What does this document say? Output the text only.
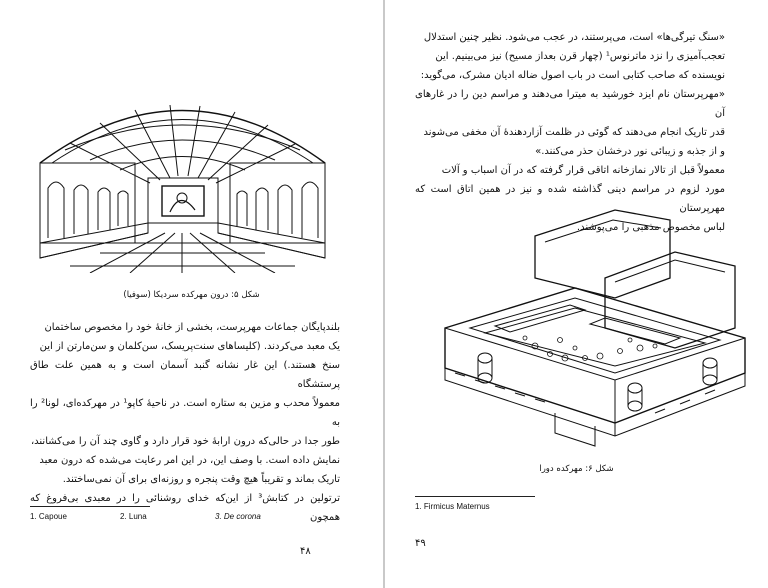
شکل ۵: درون مهرکده سردیکا (سوفیا)

بلندپایگان جماعات مهرپرست، بخشی از خانهٔ خود را مخصوص ساختمان

یک معبد می‌کردند. (کلیساهای سنت‌پریسک، سن‌کلمان و سن‌مارتن از این

سنخ هستند.) این غار نشانه گنبد آسمان است و به همین علت طاق پرستشگاه

معمولاً محدب و مزین به ستاره است. در ناحیهٔ کاپو¹ در مهرکده‌ای، لونا² را به

طور جدا در حالی‌که درون ارابهٔ خود قرار دارد و گاوی چند آن را می‌کشانند،

نمایش داده است. با وصف این، در این امر رعایت می‌شده که درون معبد

تاریک بماند و تقریباً هیچ وقت پنجره و روزنه‌ای برای آن نمی‌ساختند.

ترتولین در کتابش³ از این‌که خدای روشنائی را در معبدی بی‌فروغ که همچون

1. Capoue	2. Luna	3. De corona
۴۸

«سنگ تیرگی‌ها» است، می‌پرستند، در عجب می‌شود. نظیر چنین استدلال

تعجب‌آمیزی را نزد ماترنوس¹ (چهار قرن بعداز مسیح) نیز می‌بینیم. این

نویسنده که صاحب کتابی است در باب اصول ضاله ادیان مشرک، می‌گوید:

«مهرپرستان نام ایزد خورشید به میترا می‌دهند و مراسم دین را در غارهای آن

قدر تاریک انجام می‌دهند که گوئی در ظلمت آزاردهندهٔ آن مخفی می‌شوند

و از جذبه و زیبائی نور درخشان حذر می‌کنند.»

معمولاً قبل از تالار نمازخانه اتاقی قرار گرفته که در آن اسباب و آلات

مورد لزوم در مراسم دینی گذاشته شده و نیز در همین اتاق است که مهرپرستان

لباس مخصوص مذهبی را می‌پوشند.

شکل ۶: مهرکده دورا
1. Firmicus Maternus
۴۹
